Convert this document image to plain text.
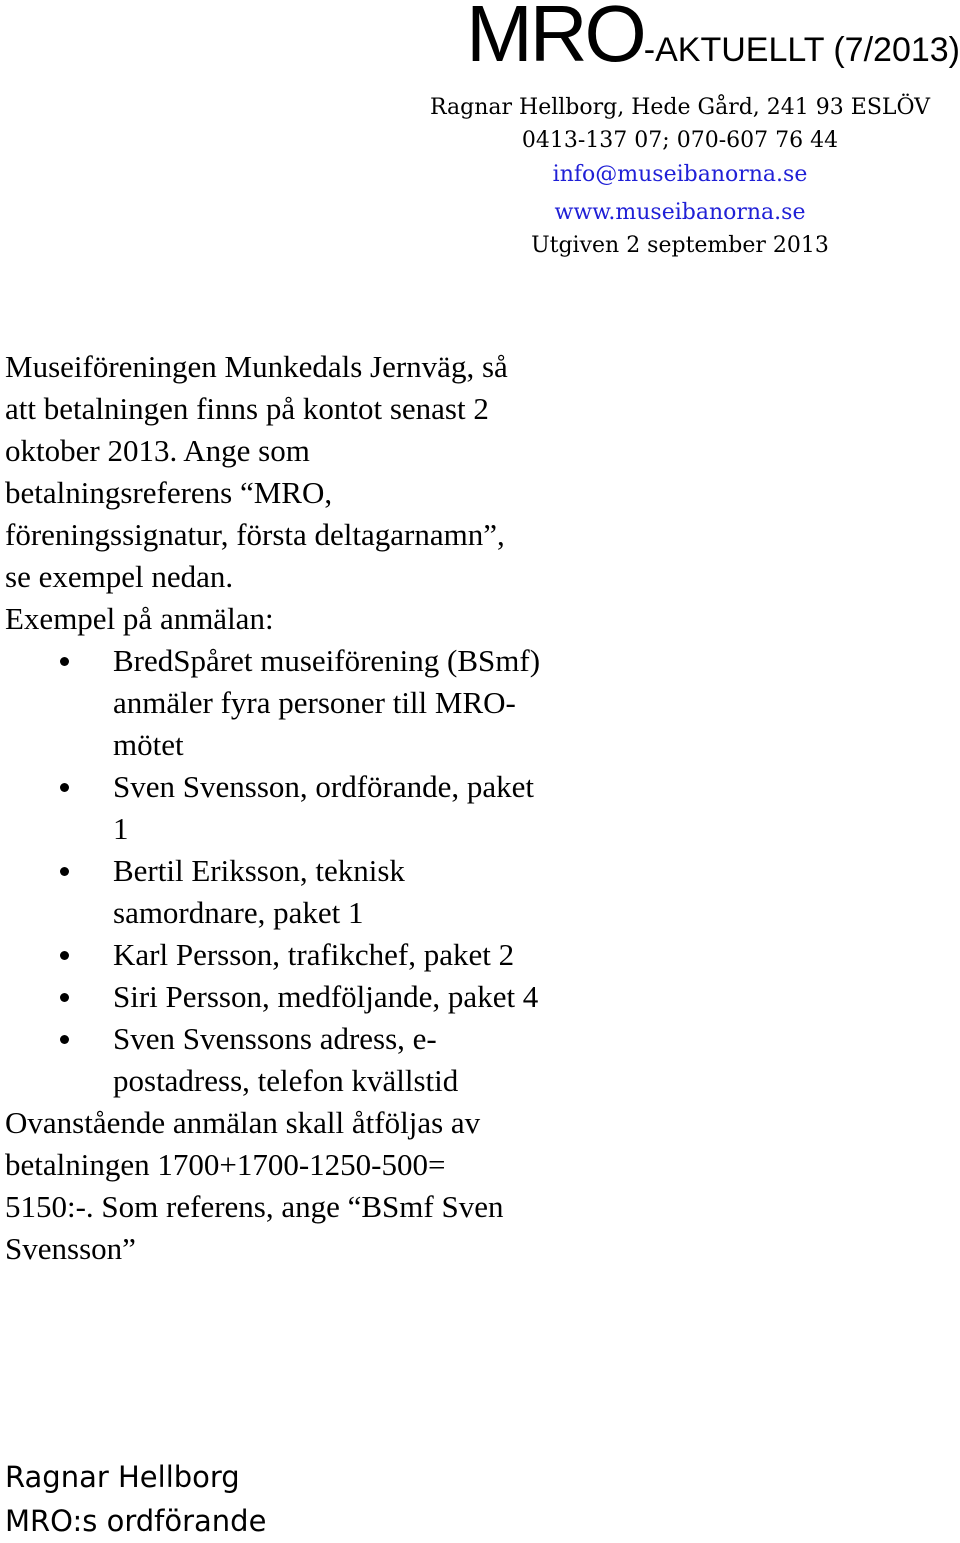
MRO-AKTUELLT (7/2013)
Ragnar Hellborg, Hede Gård, 241 93 ESLÖV
0413-137 07; 070-607 76 44
info@museibanorna.se
www.museibanorna.se
Utgiven 2 september 2013

Museiföreningen Munkedals Jernväg, så
att betalningen finns på kontot senast 2
oktober 2013. Ange som
betalningsreferens “MRO,
föreningssignatur, första deltagarnamn”,
se exempel nedan.

Exempel på anmälan:

BredSpåret museiförening (BSmf)
anmäler fyra personer till MRO-
mötet
Sven Svensson, ordförande, paket
1
Bertil Eriksson, teknisk
samordnare, paket 1
Karl Persson, trafikchef, paket 2
Siri Persson, medföljande, paket 4
Sven Svenssons adress, e-
postadress, telefon kvällstid

Ovanstående anmälan skall åtföljas av
betalningen 1700+1700-1250-500=
5150:-. Som referens, ange “BSmf Sven
Svensson”

Ragnar Hellborg
MRO:s ordförande
